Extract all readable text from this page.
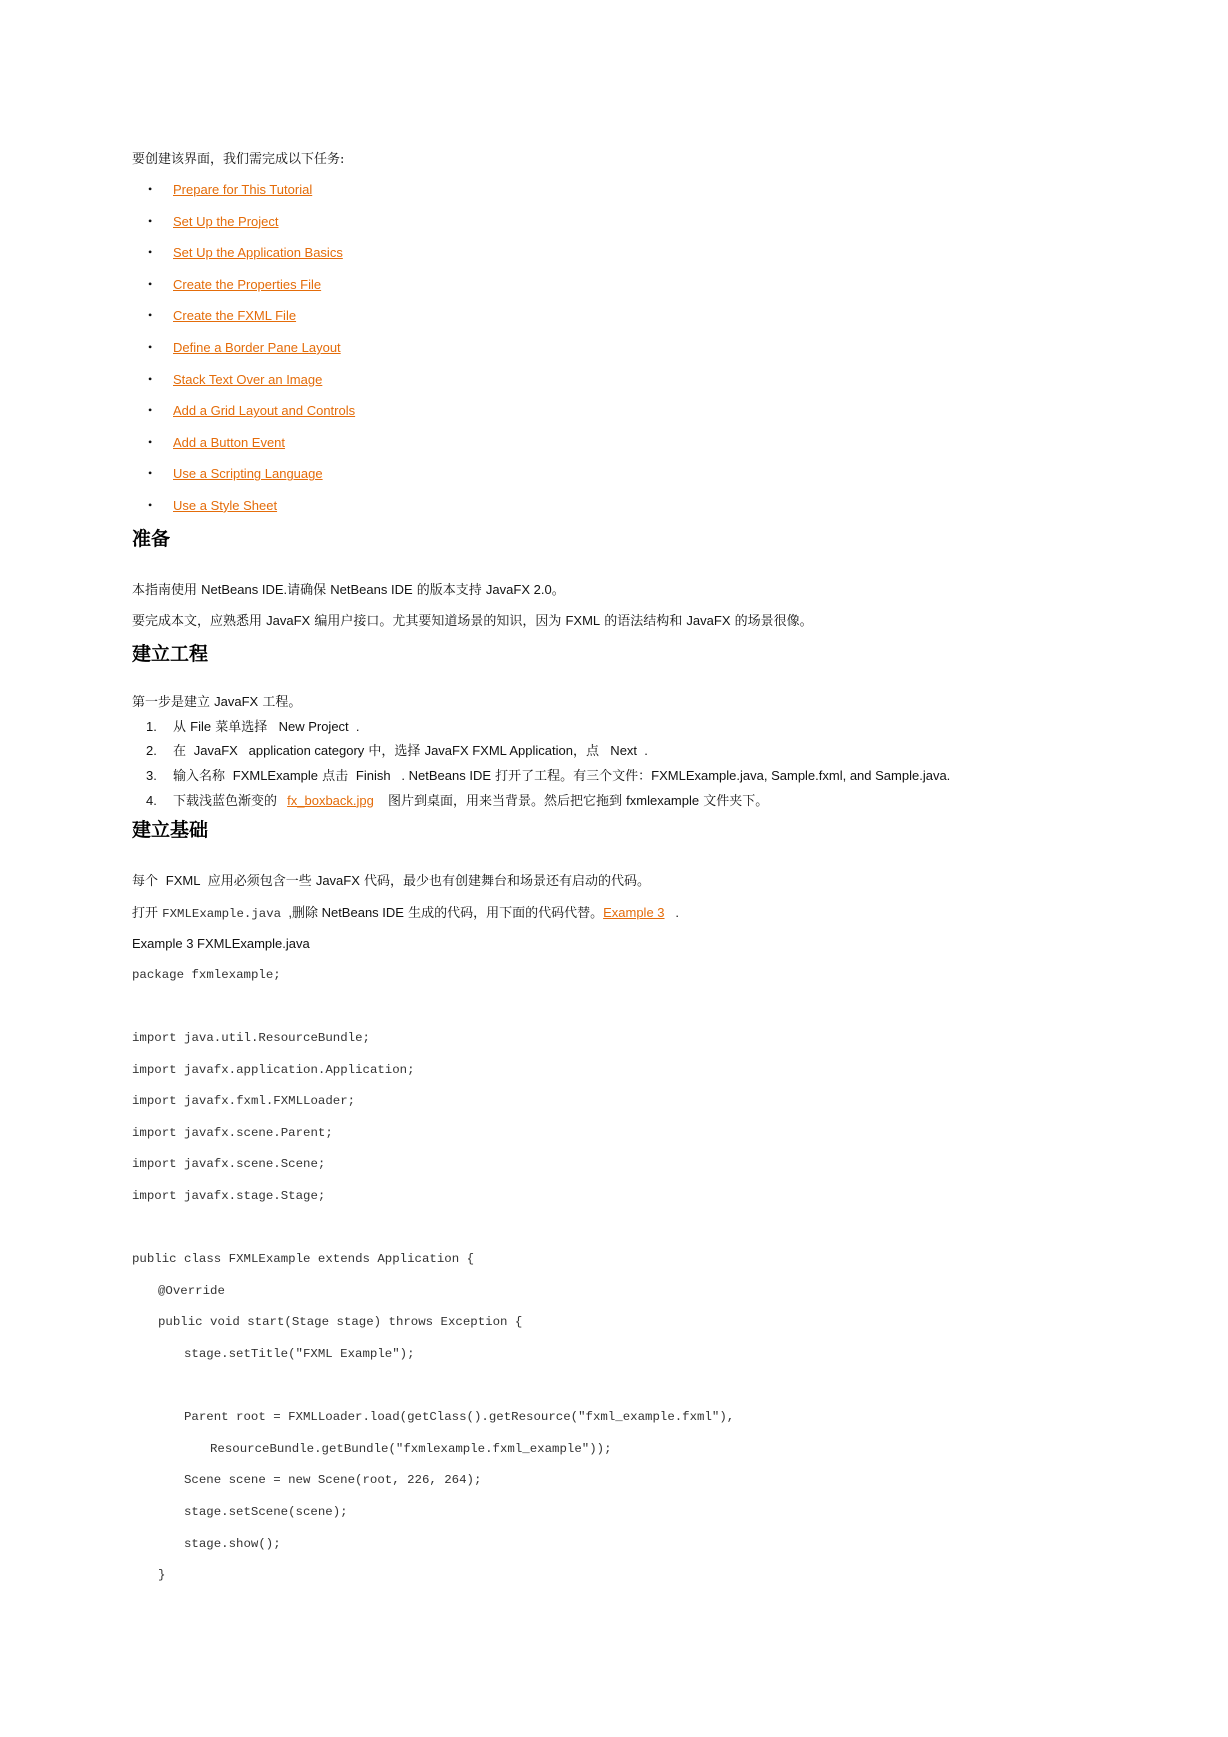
要创建该界面，我们需完成以下任务:

• Prepare for This Tutorial
• Set Up the Project
• Set Up the Application Basics
• Create the Properties File
• Create the FXML File
• Define a Border Pane Layout
• Stack Text Over an Image
• Add a Grid Layout and Controls
• Add a Button Event
• Use a Scripting Language
• Use a Style Sheet
准备

本指南使用 NetBeans IDE.请确保 NetBeans IDE 的版本支持 JavaFX 2.0。

要完成本文，应熟悉用 JavaFX 编用户接口。尤其要知道场景的知识，因为 FXML 的语法结构和 JavaFX 的场景很像。

建立工程

第一步是建立 JavaFX 工程。

1. 从 File 菜单选择   New Project  .
2. 在  JavaFX   application category 中，选择 JavaFX FXML Application，点   Next  .
3. 输入名称  FXMLExample 点击  Finish   . NetBeans IDE 打开了工程。有三个文件：FXMLExample.java, Sample.fxml, and Sample.java.
4. 下载浅蓝色渐变的 fx_boxback.jpg 图片到桌面，用来当背景。然后把它拖到 fxmlexample 文件夹下。
建立基础

每个  FXML  应用必须包含一些 JavaFX 代码，最少也有创建舞台和场景还有启动的代码。

打开 FXMLExample.java  ,删除 NetBeans IDE 生成的代码，用下面的代码代替。Example 3   .

Example 3 FXMLExample.java

package fxmlexample;
import java.util.ResourceBundle;
import javafx.application.Application;
import javafx.fxml.FXMLLoader;
import javafx.scene.Parent;
import javafx.scene.Scene;
import javafx.stage.Stage;
public class FXMLExample extends Application {
@Override
public void start(Stage stage) throws Exception {
stage.setTitle("FXML Example");
Parent root = FXMLLoader.load(getClass().getResource("fxml_example.fxml"),
ResourceBundle.getBundle("fxmlexample.fxml_example"));
Scene scene = new Scene(root, 226, 264);
stage.setScene(scene);
stage.show();
}
